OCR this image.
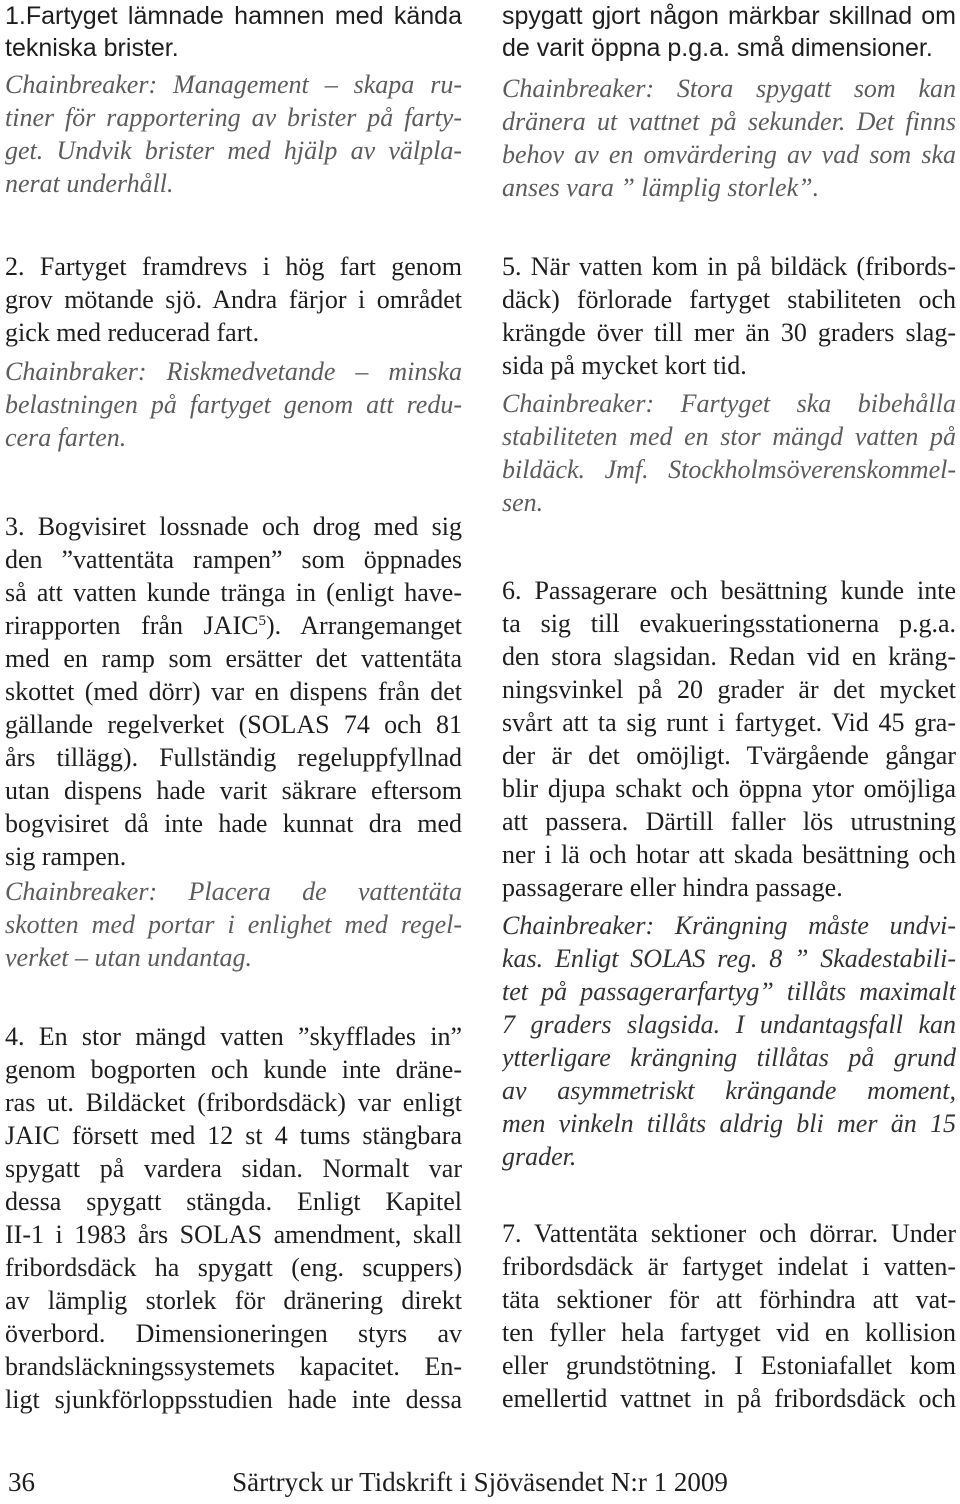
1.Fartyget lämnade hamnen med kända
tekniska brister.
Chainbreaker: Management – skapa ru-
tiner för rapportering av brister på farty-
get. Undvik brister med hjälp av välpla-
nerat underhåll.
2. Fartyget framdrevs i hög fart genom
grov mötande sjö. Andra färjor i området
gick med reducerad fart.
Chainbraker: Riskmedvetande – minska
belastningen på fartyget genom att redu-
cera farten.
3. Bogvisiret lossnade och drog med sig
den ”vattentäta rampen” som öppnades
så att vatten kunde tränga in (enligt have-
rirapporten från JAIC$^5$). Arrangemanget
med en ramp som ersätter det vattentäta
skottet (med dörr) var en dispens från det
gällande regelverket (SOLAS 74 och 81
års tillägg). Fullständig regeluppfyllnad
utan dispens hade varit säkrare eftersom
bogvisiret då inte hade kunnat dra med
sig rampen.
Chainbreaker: Placera de vattentäta
skotten med portar i enlighet med regel-
verket – utan undantag.
4. En stor mängd vatten ”skyfflades in”
genom bogporten och kunde inte dräne-
ras ut. Bildäcket (fribordsdäck) var enligt
JAIC försett med 12 st 4 tums stängbara
spygatt på vardera sidan. Normalt var
dessa spygatt stängda. Enligt Kapitel
II-1 i 1983 års SOLAS amendment, skall
fribordsdäck ha spygatt (eng. scuppers)
av lämplig storlek för dränering direkt
överbord. Dimensioneringen styrs av
brandsläckningssystemets kapacitet. En-
ligt sjunkförloppsstudien hade inte dessa
spygatt gjort någon märkbar skillnad om
de varit öppna p.g.a. små dimensioner.
Chainbreaker: Stora spygatt som kan
dränera ut vattnet på sekunder. Det finns
behov av en omvärdering av vad som ska
anses vara ” lämplig storlek”.
5. När vatten kom in på bildäck (fribords-
däck) förlorade fartyget stabiliteten och
krängde över till mer än 30 graders slag-
sida på mycket kort tid.
Chainbreaker: Fartyget ska bibehålla
stabiliteten med en stor mängd vatten på
bildäck. Jmf. Stockholmsöverenskommel-
sen.
6. Passagerare och besättning kunde inte
ta sig till evakueringsstationerna p.g.a.
den stora slagsidan. Redan vid en kräng-
ningsvinkel på 20 grader är det mycket
svårt att ta sig runt i fartyget. Vid 45 gra-
der är det omöjligt. Tvärgående gångar
blir djupa schakt och öppna ytor omöjliga
att passera. Därtill faller lös utrustning
ner i lä och hotar att skada besättning och
passagerare eller hindra passage.
Chainbreaker: Krängning måste undvi-
kas. Enligt SOLAS reg. 8 ” Skadestabili-
tet på passagerarfartyg” tillåts maximalt
7 graders slagsida. I undantagsfall kan
ytterligare krängning tillåtas på grund
av asymmetriskt krängande moment,
men vinkeln tillåts aldrig bli mer än 15
grader.
7. Vattentäta sektioner och dörrar. Under
fribordsdäck är fartyget indelat i vatten-
täta sektioner för att förhindra att vat-
ten fyller hela fartyget vid en kollision
eller grundstötning. I Estoniafallet kom
emellertid vattnet in på fribordsdäck och
36	Särtryck ur Tidskrift i Sjöväsendet N:r 1 2009
